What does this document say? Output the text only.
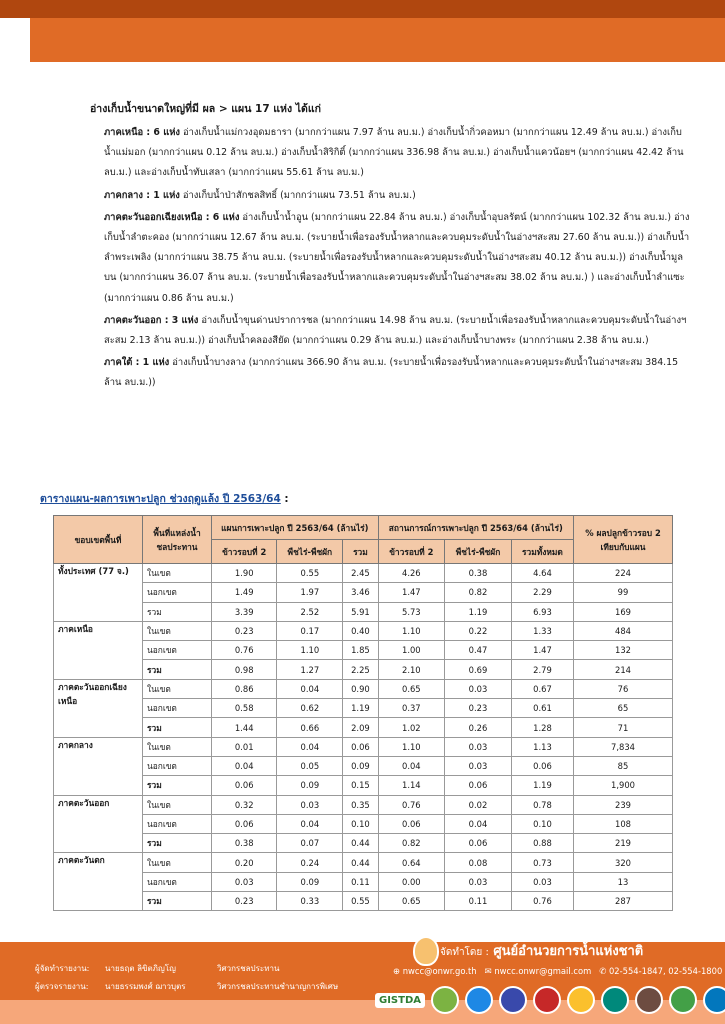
อ่างเก็บน้ำขนาดใหญ่ที่มี ผล > แผน 17 แห่ง ได้แก่
ภาคเหนือ : 6 แห่ง อ่างเก็บน้ำแม่กวงอุดมธารา (มากกว่าแผน 7.97 ล้าน ลบ.ม.) อ่างเก็บน้ำกิ่วคอหมา (มากกว่าแผน 12.49 ล้าน ลบ.ม.) อ่างเก็บน้ำแม่มอก (มากกว่าแผน 0.12 ล้าน ลบ.ม.) อ่างเก็บน้ำสิริกิติ์ (มากกว่าแผน 336.98 ล้าน ลบ.ม.) อ่างเก็บน้ำแควน้อยฯ (มากกว่าแผน 42.42 ล้าน ลบ.ม.) และอ่างเก็บน้ำทับเสลา (มากกว่าแผน 55.61 ล้าน ลบ.ม.)
ภาคกลาง : 1 แห่ง อ่างเก็บน้ำป่าสักชลสิทธิ์ (มากกว่าแผน 73.51 ล้าน ลบ.ม.)
ภาคตะวันออกเฉียงเหนือ : 6 แห่ง อ่างเก็บน้ำน้ำอูน (มากกว่าแผน 22.84 ล้าน ลบ.ม.) อ่างเก็บน้ำอุบลรัตน์ (มากกว่าแผน 102.32 ล้าน ลบ.ม.) อ่างเก็บน้ำลำตะคอง (มากกว่าแผน 12.67 ล้าน ลบ.ม. (ระบายน้ำเพื่อรองรับน้ำหลากและควบคุมระดับน้ำในอ่างฯสะสม 27.60 ล้าน ลบ.ม.)) อ่างเก็บน้ำลำพระเพลิง (มากกว่าแผน 38.75 ล้าน ลบ.ม. (ระบายน้ำเพื่อรองรับน้ำหลากและควบคุมระดับน้ำในอ่างฯสะสม 40.12 ล้าน ลบ.ม.)) อ่างเก็บน้ำมูลบน (มากกว่าแผน 36.07 ล้าน ลบ.ม. (ระบายน้ำเพื่อรองรับน้ำหลากและควบคุมระดับน้ำในอ่างฯสะสม 38.02 ล้าน ลบ.ม.) ) และอ่างเก็บน้ำลำแซะ (มากกว่าแผน 0.86 ล้าน ลบ.ม.)
ภาคตะวันออก : 3 แห่ง อ่างเก็บน้ำขุนด่านปราการชล (มากกว่าแผน 14.98 ล้าน ลบ.ม. (ระบายน้ำเพื่อรองรับน้ำหลากและควบคุมระดับน้ำในอ่างฯสะสม 2.13 ล้าน ลบ.ม.)) อ่างเก็บน้ำคลองสียัด (มากกว่าแผน 0.29 ล้าน ลบ.ม.) และอ่างเก็บน้ำบางพระ (มากกว่าแผน 2.38 ล้าน ลบ.ม.)
ภาคใต้ : 1 แห่ง อ่างเก็บน้ำบางลาง (มากกว่าแผน 366.90 ล้าน ลบ.ม. (ระบายน้ำเพื่อรองรับน้ำหลากและควบคุมระดับน้ำในอ่างฯสะสม 384.15 ล้าน ลบ.ม.))
ตารางแผน-ผลการเพาะปลูก ช่วงฤดูแล้ง ปี 2563/64 :
ขอบเขตพื้นที่	พื้นที่แหล่งน้ำชลประทาน	แผนการเพาะปลูก ปี 2563/64 (ล้านไร่)			สถานการณ์การเพาะปลูก ปี 2563/64 (ล้านไร่)			% ผลปลูกข้าวรอบ 2 เทียบกับแผน
		ข้าวรอบที่ 2	พืชไร่-พืชผัก	รวม	ข้าวรอบที่ 2	พืชไร่-พืชผัก	รวมทั้งหมด	
ทั้งประเทศ (77 จ.)	ในเขต	1.90	0.55	2.45	4.26	0.38	4.64	224
	นอกเขต	1.49	1.97	3.46	1.47	0.82	2.29	99
	รวม	3.39	2.52	5.91	5.73	1.19	6.93	169
ภาคเหนือ	ในเขต	0.23	0.17	0.40	1.10	0.22	1.33	484
	นอกเขต	0.76	1.10	1.85	1.00	0.47	1.47	132
	รวม	0.98	1.27	2.25	2.10	0.69	2.79	214
ภาคตะวันออกเฉียงเหนือ	ในเขต	0.86	0.04	0.90	0.65	0.03	0.67	76
	นอกเขต	0.58	0.62	1.19	0.37	0.23	0.61	65
	รวม	1.44	0.66	2.09	1.02	0.26	1.28	71
ภาคกลาง	ในเขต	0.01	0.04	0.06	1.10	0.03	1.13	7,834
	นอกเขต	0.04	0.05	0.09	0.04	0.03	0.06	85
	รวม	0.06	0.09	0.15	1.14	0.06	1.19	1,900
ภาคตะวันออก	ในเขต	0.32	0.03	0.35	0.76	0.02	0.78	239
	นอกเขต	0.06	0.04	0.10	0.06	0.04	0.10	108
	รวม	0.38	0.07	0.44	0.82	0.06	0.88	219
ภาคตะวันตก	ในเขต	0.20	0.24	0.44	0.64	0.08	0.73	320
	นอกเขต	0.03	0.09	0.11	0.00	0.03	0.03	13
	รวม	0.23	0.33	0.55	0.65	0.11	0.76	287
ผู้จัดทำรายงาน: นายธฤต ลิขิตภิญโญ	วิศวกรชลประทาน
ผู้ตรวจรายงาน: นายธรรมพงศ์ ฌาวบุตร	วิศวกรชลประทานชำนาญการพิเศษ
จัดทำโดย : ศูนย์อำนวยการน้ำแห่งชาติ
⊕ nwcc@onwr.go.th ✉ nwcc.onwr@gmail.com ✆ 02-554-1847, 02-554-1800
GISTDA
